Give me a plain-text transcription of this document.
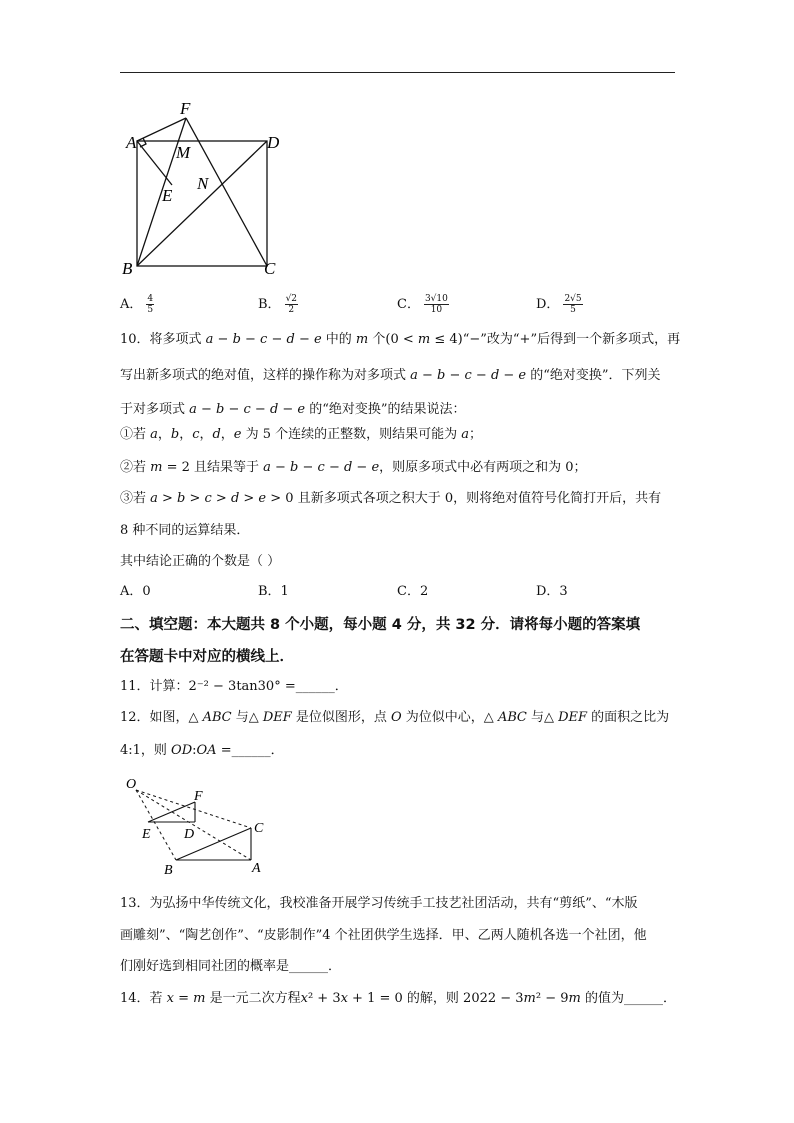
A
F
M
D
N
E
B	C
A． $\frac{4}{5}$	B． $\frac{√2}{2}$	C． $\frac{3√10}{10}$	D． $\frac{2√5}{5}$
10．将多项式 𝑎 − 𝑏 − 𝑐 − 𝑑 − 𝑒 中的 𝑚 个(0 < 𝑚 ≤ 4)“−”改为“+”后得到一个新多项式，再
写出新多项式的绝对值，这样的操作称为对多项式 𝑎 − 𝑏 − 𝑐 − 𝑑 − 𝑒 的“绝对变换”．下列关
于对多项式 𝑎 − 𝑏 − 𝑐 − 𝑑 − 𝑒 的“绝对变换”的结果说法：
①若 𝑎，𝑏，𝑐，𝑑，𝑒 为 5 个连续的正整数，则结果可能为 𝑎；
②若 𝑚 = 2 且结果等于 𝑎 − 𝑏 − 𝑐 − 𝑑 − 𝑒，则原多项式中必有两项之和为 0；
③若 𝑎 > 𝑏 > 𝑐 > 𝑑 > 𝑒 > 0 且新多项式各项之积大于 0，则将绝对值符号化简打开后，共有
8 种不同的运算结果．
其中结论正确的个数是（ ）
A．0	B．1	C．2	D．3
二、填空题：本大题共 8 个小题，每小题 4 分，共 32 分．请将每小题的答案填
在答题卡中对应的横线上．
11．计算：2⁻² − 3tan30° =______．
12．如图，△ 𝐴𝐵𝐶 与△ 𝐷𝐸𝐹 是位似图形，点 𝑂 为位似中心，△ 𝐴𝐵𝐶 与△ 𝐷𝐸𝐹 的面积之比为
4:1，则 𝑂𝐷:𝑂𝐴 =______．
O
F
E D	C
B	A
13．为弘扬中华传统文化，我校准备开展学习传统手工技艺社团活动，共有“剪纸”、“木版
画雕刻”、“陶艺创作”、“皮影制作”4 个社团供学生选择．甲、乙两人随机各选一个社团，他
们刚好选到相同社团的概率是______．
14．若 𝑥 = 𝑚 是一元二次方程𝑥² + 3𝑥 + 1 = 0 的解，则 2022 − 3𝑚² − 9𝑚 的值为______．
